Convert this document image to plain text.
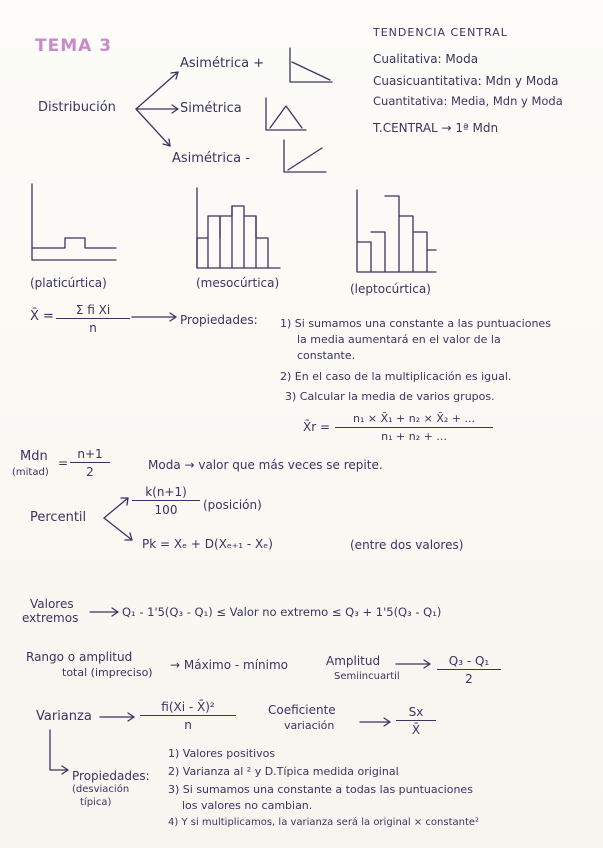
TEMA 3
TENDENCIA CENTRAL
Cualitativa: Moda
Cuasicuantitativa: Mdn y Moda
Cuantitativa: Media, Mdn y Moda
T.CENTRAL → 1ª Mdn
Distribución
Asimétrica +
Simétrica
Asimétrica -
(platicúrtica)	(mesocúrtica)	(leptocúrtica)
X̄ = $\frac{\text{Σ fi Xi}}{n}$	Propiedades: 1) Si sumamos una constante a las puntuaciones
la media aumentará en el valor de la
constante.
2) En el caso de la multiplicación es igual.
3) Calcular la media de varios grupos.
X̄r = $\frac{\text{n₁ × X̄₁ + n₂ × X̄₂ + ...}}{\text{n₁ + n₂ + ...}}$
Mdn
(mitad)
= $\frac{n+1}{2}$	Moda → valor que más veces se repite.
Percentil
$\frac{k(n+1)}{100}$ (posición)
Pk = Xₑ + D(Xₑ₊₁ - Xₑ)	(entre dos valores)
Valores
extremos	Q₁ - 1'5(Q₃ - Q₁) ≤ Valor no extremo ≤ Q₃ + 1'5(Q₃ - Q₁)
Rango o amplitud
total (impreciso)
→ Máximo - mínimo	Amplitud
Semiincuartil	$\frac{\text{Q₃ - Q₁}}{2}$
Varianza	$\frac{\text{fi(Xi - X̄)²}}{n}$	Coeficiente
variación	$\frac{Sx}{X̄}$
Propiedades:
(desviación
típica)
1) Valores positivos
2) Varianza al ² y D.Típica medida original
3) Si sumamos una constante a todas las puntuaciones
los valores no cambian.
4) Y si multiplicamos, la varianza será la original × constante²
